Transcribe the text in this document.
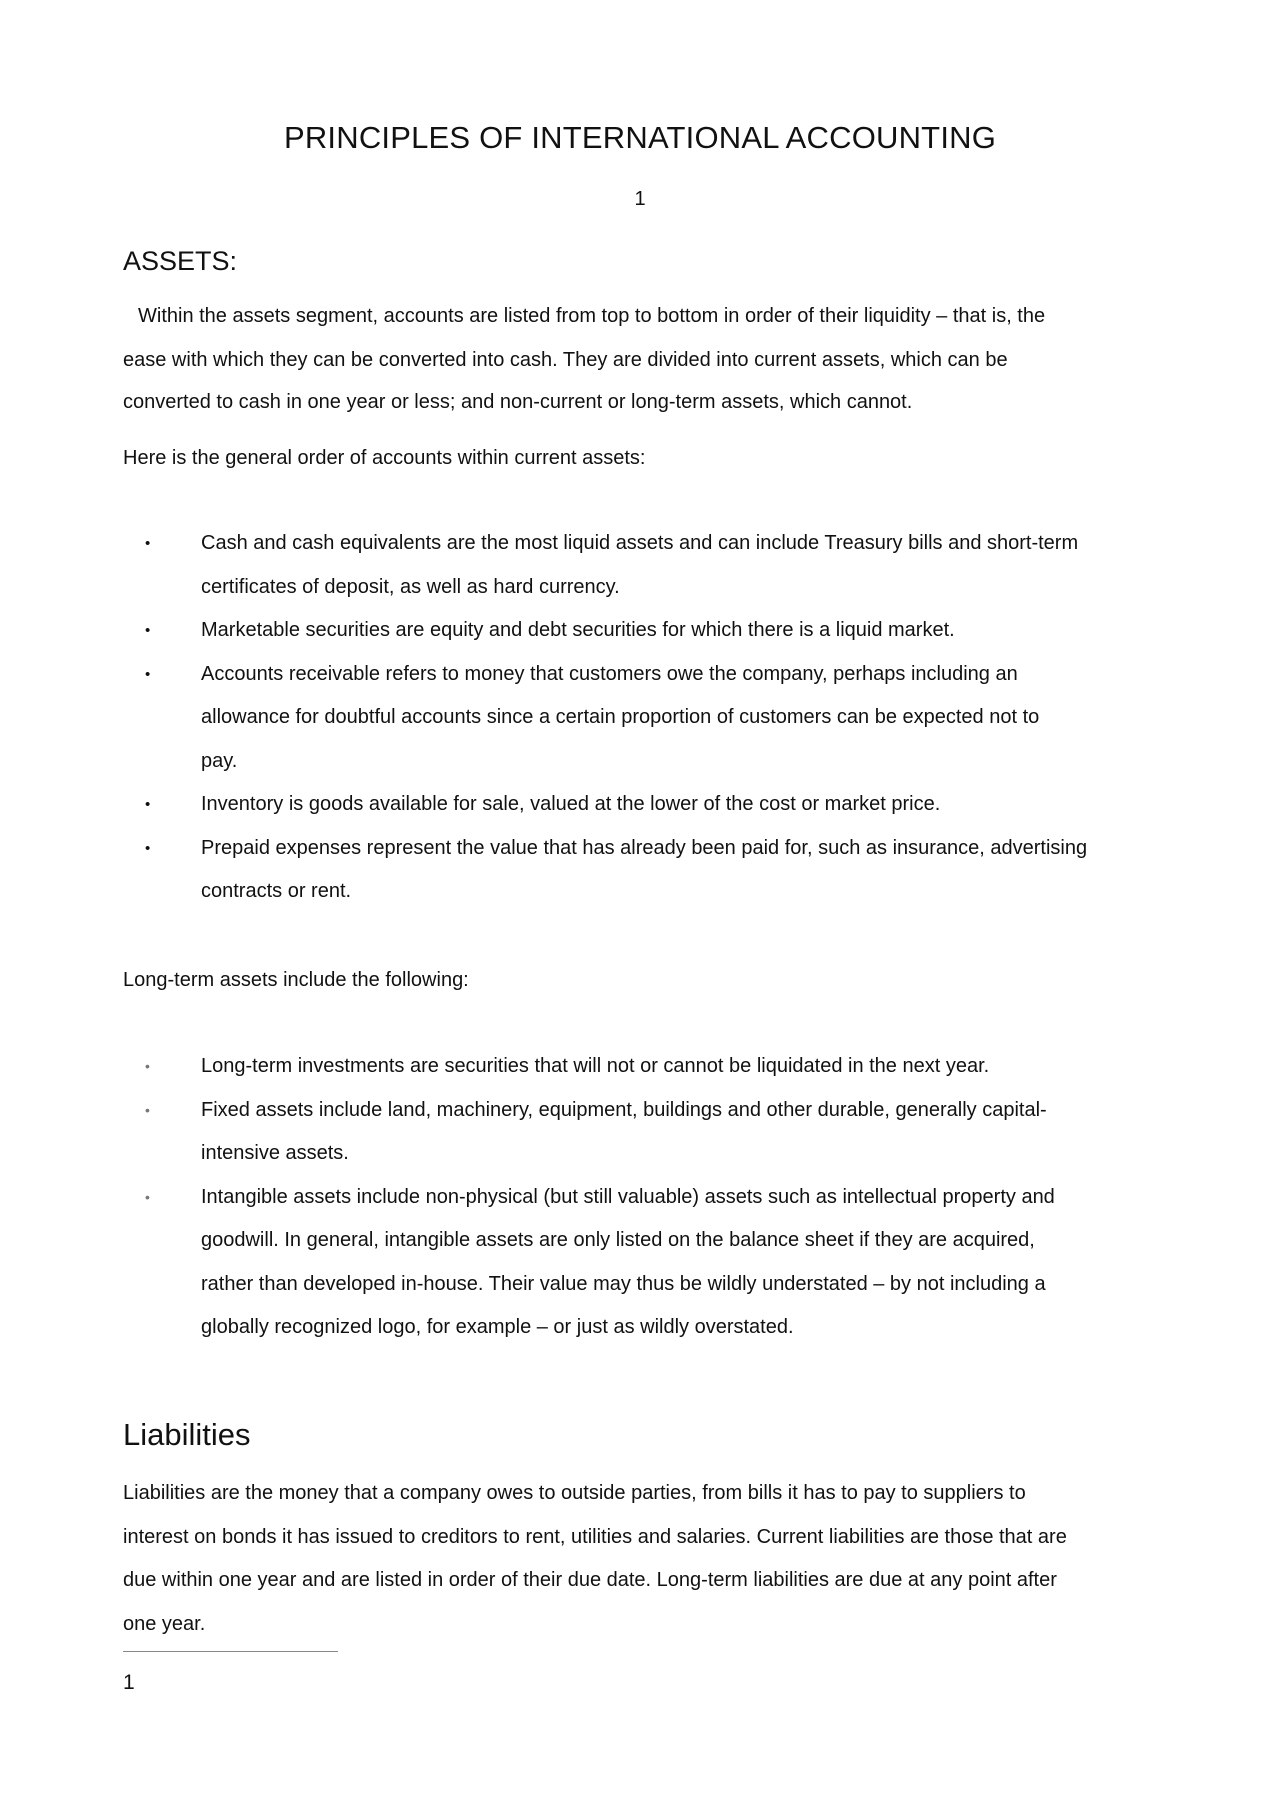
PRINCIPLES OF INTERNATIONAL ACCOUNTING
1
ASSETS:
Within the assets segment, accounts are listed from top to bottom in order of their liquidity – that is, the
ease with which they can be converted into cash. They are divided into current assets, which can be
converted to cash in one year or less; and non-current or long-term assets, which cannot.
Here is the general order of accounts within current assets:
•	Cash and cash equivalents are the most liquid assets and can include Treasury bills and short-term
certificates of deposit, as well as hard currency.
•	Marketable securities are equity and debt securities for which there is a liquid market.
•	Accounts receivable refers to money that customers owe the company, perhaps including an
allowance for doubtful accounts since a certain proportion of customers can be expected not to
pay.
•	Inventory is goods available for sale, valued at the lower of the cost or market price.
•	Prepaid expenses represent the value that has already been paid for, such as insurance, advertising
contracts or rent.
Long-term assets include the following:
•	Long-term investments are securities that will not or cannot be liquidated in the next year.
•	Fixed assets include land, machinery, equipment, buildings and other durable, generally capital-
intensive assets.
•	Intangible assets include non-physical (but still valuable) assets such as intellectual property and
goodwill. In general, intangible assets are only listed on the balance sheet if they are acquired,
rather than developed in-house. Their value may thus be wildly understated – by not including a
globally recognized logo, for example – or just as wildly overstated.
Liabilities
Liabilities are the money that a company owes to outside parties, from bills it has to pay to suppliers to
interest on bonds it has issued to creditors to rent, utilities and salaries. Current liabilities are those that are
due within one year and are listed in order of their due date. Long-term liabilities are due at any point after
one year.
1
